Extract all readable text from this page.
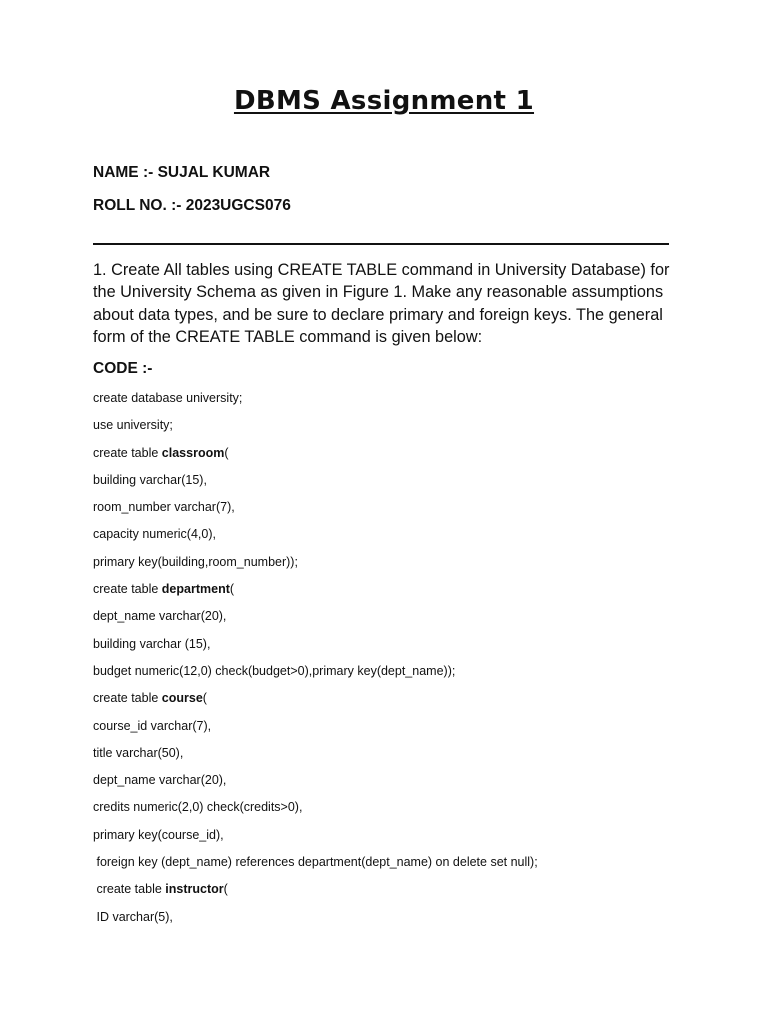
DBMS Assignment 1
NAME :- SUJAL KUMAR
ROLL NO. :- 2023UGCS076

1. Create All tables using CREATE TABLE command in University Database) for the University Schema as given in Figure 1. Make any reasonable assumptions about data types, and be sure to declare primary and foreign keys. The general form of the CREATE TABLE command is given below:

CODE :-
create database university;
use university;
create table classroom(
building varchar(15),
room_number varchar(7),
capacity numeric(4,0),
primary key(building,room_number));
create table department(
dept_name varchar(20),
building varchar (15),
budget numeric(12,0) check(budget>0),primary key(dept_name));
create table course(
course_id varchar(7),
title varchar(50),
dept_name varchar(20),
credits numeric(2,0) check(credits>0),
primary key(course_id),
foreign key (dept_name) references department(dept_name) on delete set null);
create table instructor(
ID varchar(5),
